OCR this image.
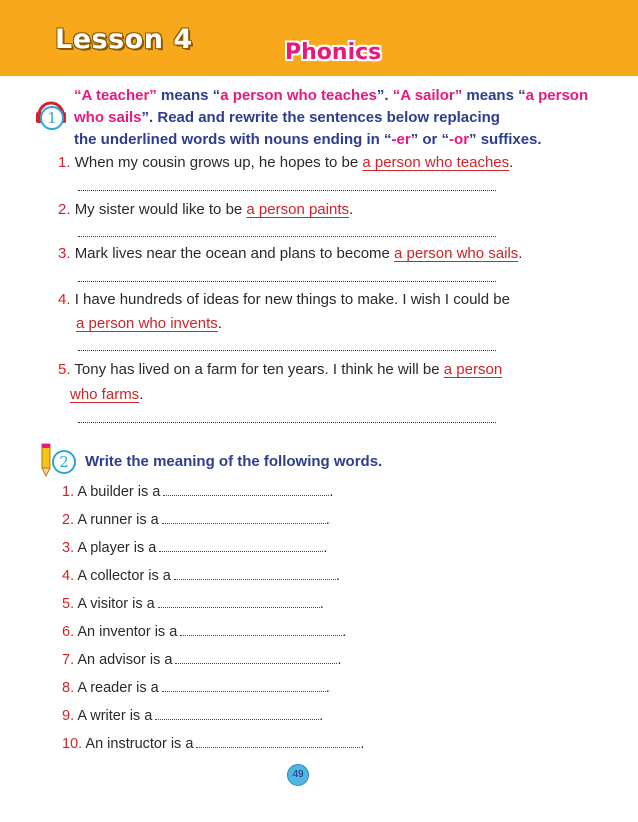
Lesson 4	Phonics
1
“A teacher” means “a person who teaches”. “A sailor” means “a person who sails”. Read and rewrite the sentences below replacing
the underlined words with nouns ending in “-er” or “-or” suffixes.
1. When my cousin grows up, he hopes to be a person who teaches.
2. My sister would like to be a person paints.
3. Mark lives near the ocean and plans to become a person who sails.
4. I have hundreds of ideas for new things to make. I wish I could be
a person who invents.
5. Tony has lived on a farm for ten years. I think he will be a person
who farms.
2	Write the meaning of the following words.
1. A builder is a	.
2. A runner is a	.
3. A player is a	.
4. A collector is a	.
5. A visitor is a	.
6. An inventor is a	.
7. An advisor is a	.
8. A reader is a	.
9. A writer is a	.
10. An instructor is a	.
49
